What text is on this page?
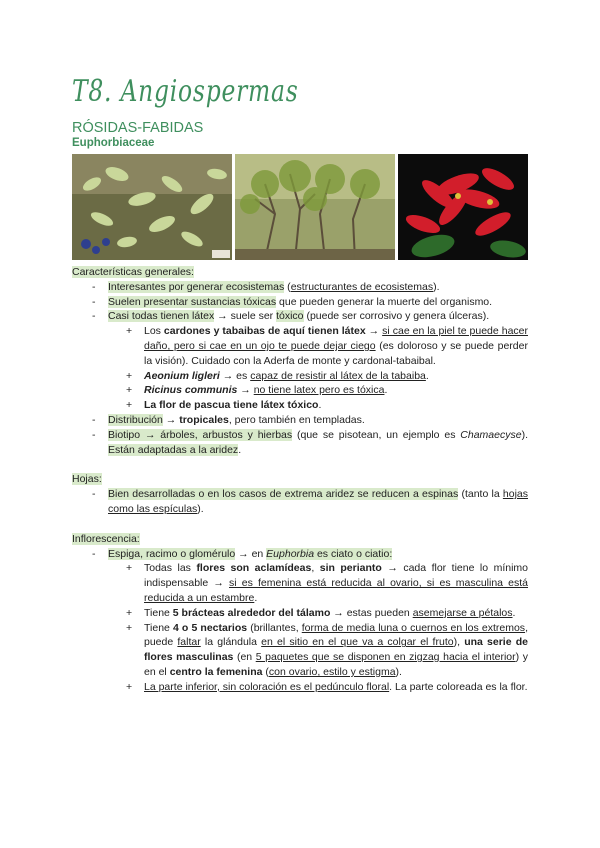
T8. Angiospermas
RÓSIDAS-FABIDAS
Euphorbiaceae
Características generales:
- Interesantes por generar ecosistemas (estructurantes de ecosistemas).
- Suelen presentar sustancias tóxicas que pueden generar la muerte del organismo.
- Casi todas tienen látex → suele ser tóxico (puede ser corrosivo y genera úlceras).
+ Los cardones y tabaibas de aquí tienen látex → si cae en la piel te puede hacer daño, pero si cae en un ojo te puede dejar ciego (es doloroso y se puede perder la visión). Cuidado con la Aderfa de monte y cardonal-tabaibal.
+ Aeonium ligleri → es capaz de resistir al látex de la tabaiba.
+ Ricinus communis → no tiene latex pero es tóxica.
+ La flor de pascua tiene látex tóxico.
- Distribución → tropicales, pero también en templadas.
- Biotipo → árboles, arbustos y hierbas (que se pisotean, un ejemplo es Chamaecyse). Están adaptadas a la aridez.
Hojas:
- Bien desarrolladas o en los casos de extrema aridez se reducen a espinas (tanto la hojas como las espículas).
Inflorescencia:
- Espiga, racimo o glomérulo → en Euphorbia es ciato o ciatio:
+ Todas las flores son aclamídeas, sin perianto → cada flor tiene lo mínimo indispensable → si es femenina está reducida al ovario, si es masculina está reducida a un estambre.
+ Tiene 5 brácteas alrededor del tálamo → estas pueden asemejarse a pétalos.
+ Tiene 4 o 5 nectarios (brillantes, forma de media luna o cuernos en los extremos, puede faltar la glándula en el sitio en el que va a colgar el fruto), una serie de flores masculinas (en 5 paquetes que se disponen en zigzag hacia el interior) y en el centro la femenina (con ovario, estilo y estigma).
+ La parte inferior, sin coloración es el pedúnculo floral. La parte coloreada es la flor.
